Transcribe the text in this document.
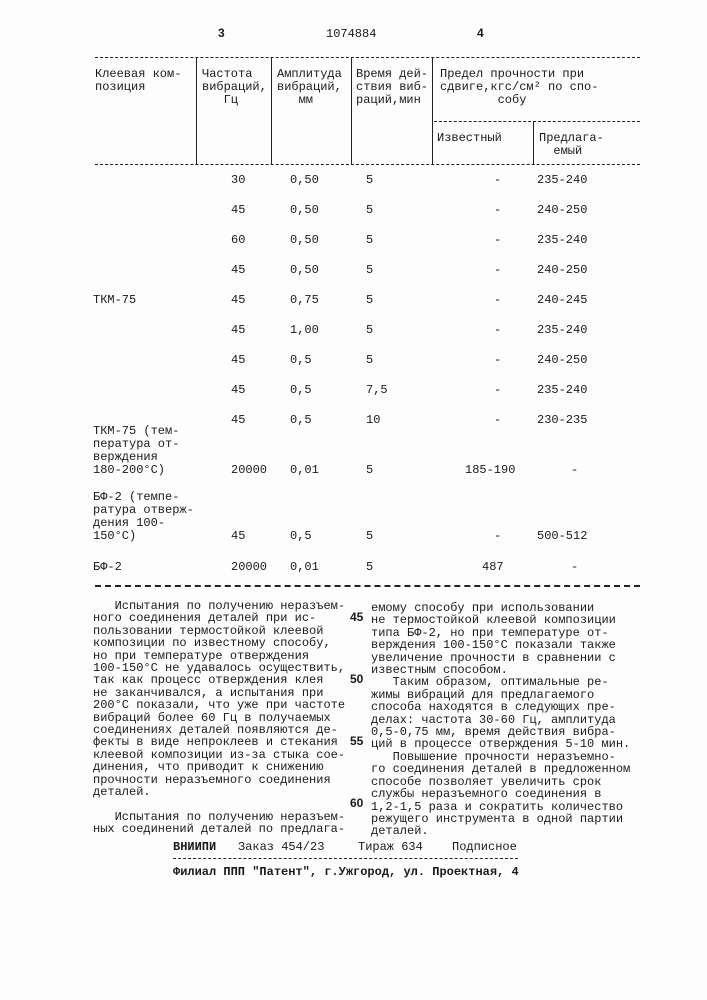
3	1074884	4
Клеевая ком-
позиция
Частота
вибраций,
Гц
Амплитуда
вибраций,
мм
Время дей-
ствия виб-
раций,мин
Предел прочности при
сдвиге,кгс/см² по спо-
собу
Известный	Предлага-
емый
30	0,50	5	-	235-240
45	0,50	5	-	240-250
60	0,50	5	-	235-240
45	0,50	5	-	240-250
ТКМ-75	45	0,75	5	-	240-245
45	1,00	5	-	235-240
45	0,5	5	-	240-250
45	0,5	7,5	-	235-240
45	0,5	10	-	230-235
ТКМ-75 (тем-
пература от-
верждения
180-200°С)	20000 0,01	5	185-190	-
БФ-2 (темпе-
ратура отверж-
дения 100-
150°С)	45	0,5	5	-	500-512
БФ-2	20000 0,01	5	487	-
Испытания по получению неразъем-
ного соединения деталей при ис-
пользовании термостойкой клеевой
композиции по известному способу,
но при температуре отверждения
100-150°С не удавалось осуществить,
так как процесс отверждения клея
не заканчивался, а испытания при
200°С показали, что уже при частоте
вибраций более 60 Гц в получаемых
соединениях деталей появляются де-
фекты в виде непроклеев и стекания
клеевой композиции из-за стыка сое-
динения, что приводит к снижению
прочности неразъемного соединения
деталей.

Испытания по получению неразъем-
ных соединений деталей по предлага-
емому способу при использовании
не термостойкой клеевой композиции
типа БФ-2, но при температуре от-
верждения 100-150°С показали также
увеличение прочности в сравнении с
известным способом.
Таким образом, оптимальные ре-
жимы вибраций для предлагаемого
способа находятся в следующих пре-
делах: частота 30-60 Гц, амплитуда
0,5-0,75 мм, время действия вибра-
ций в процессе отверждения 5-10 мин.
Повышение прочности неразъемно-
го соединения деталей в предложенном
способе позволяет увеличить срок
службы неразъемного соединения в
1,2-1,5 раза и сократить количество
режущего инструмента в одной партии
деталей.
45
50
55
60
ВНИИПИ Заказ 454/23	Тираж 634 Подписное
Филиал ППП "Патент", г.Ужгород, ул. Проектная, 4
